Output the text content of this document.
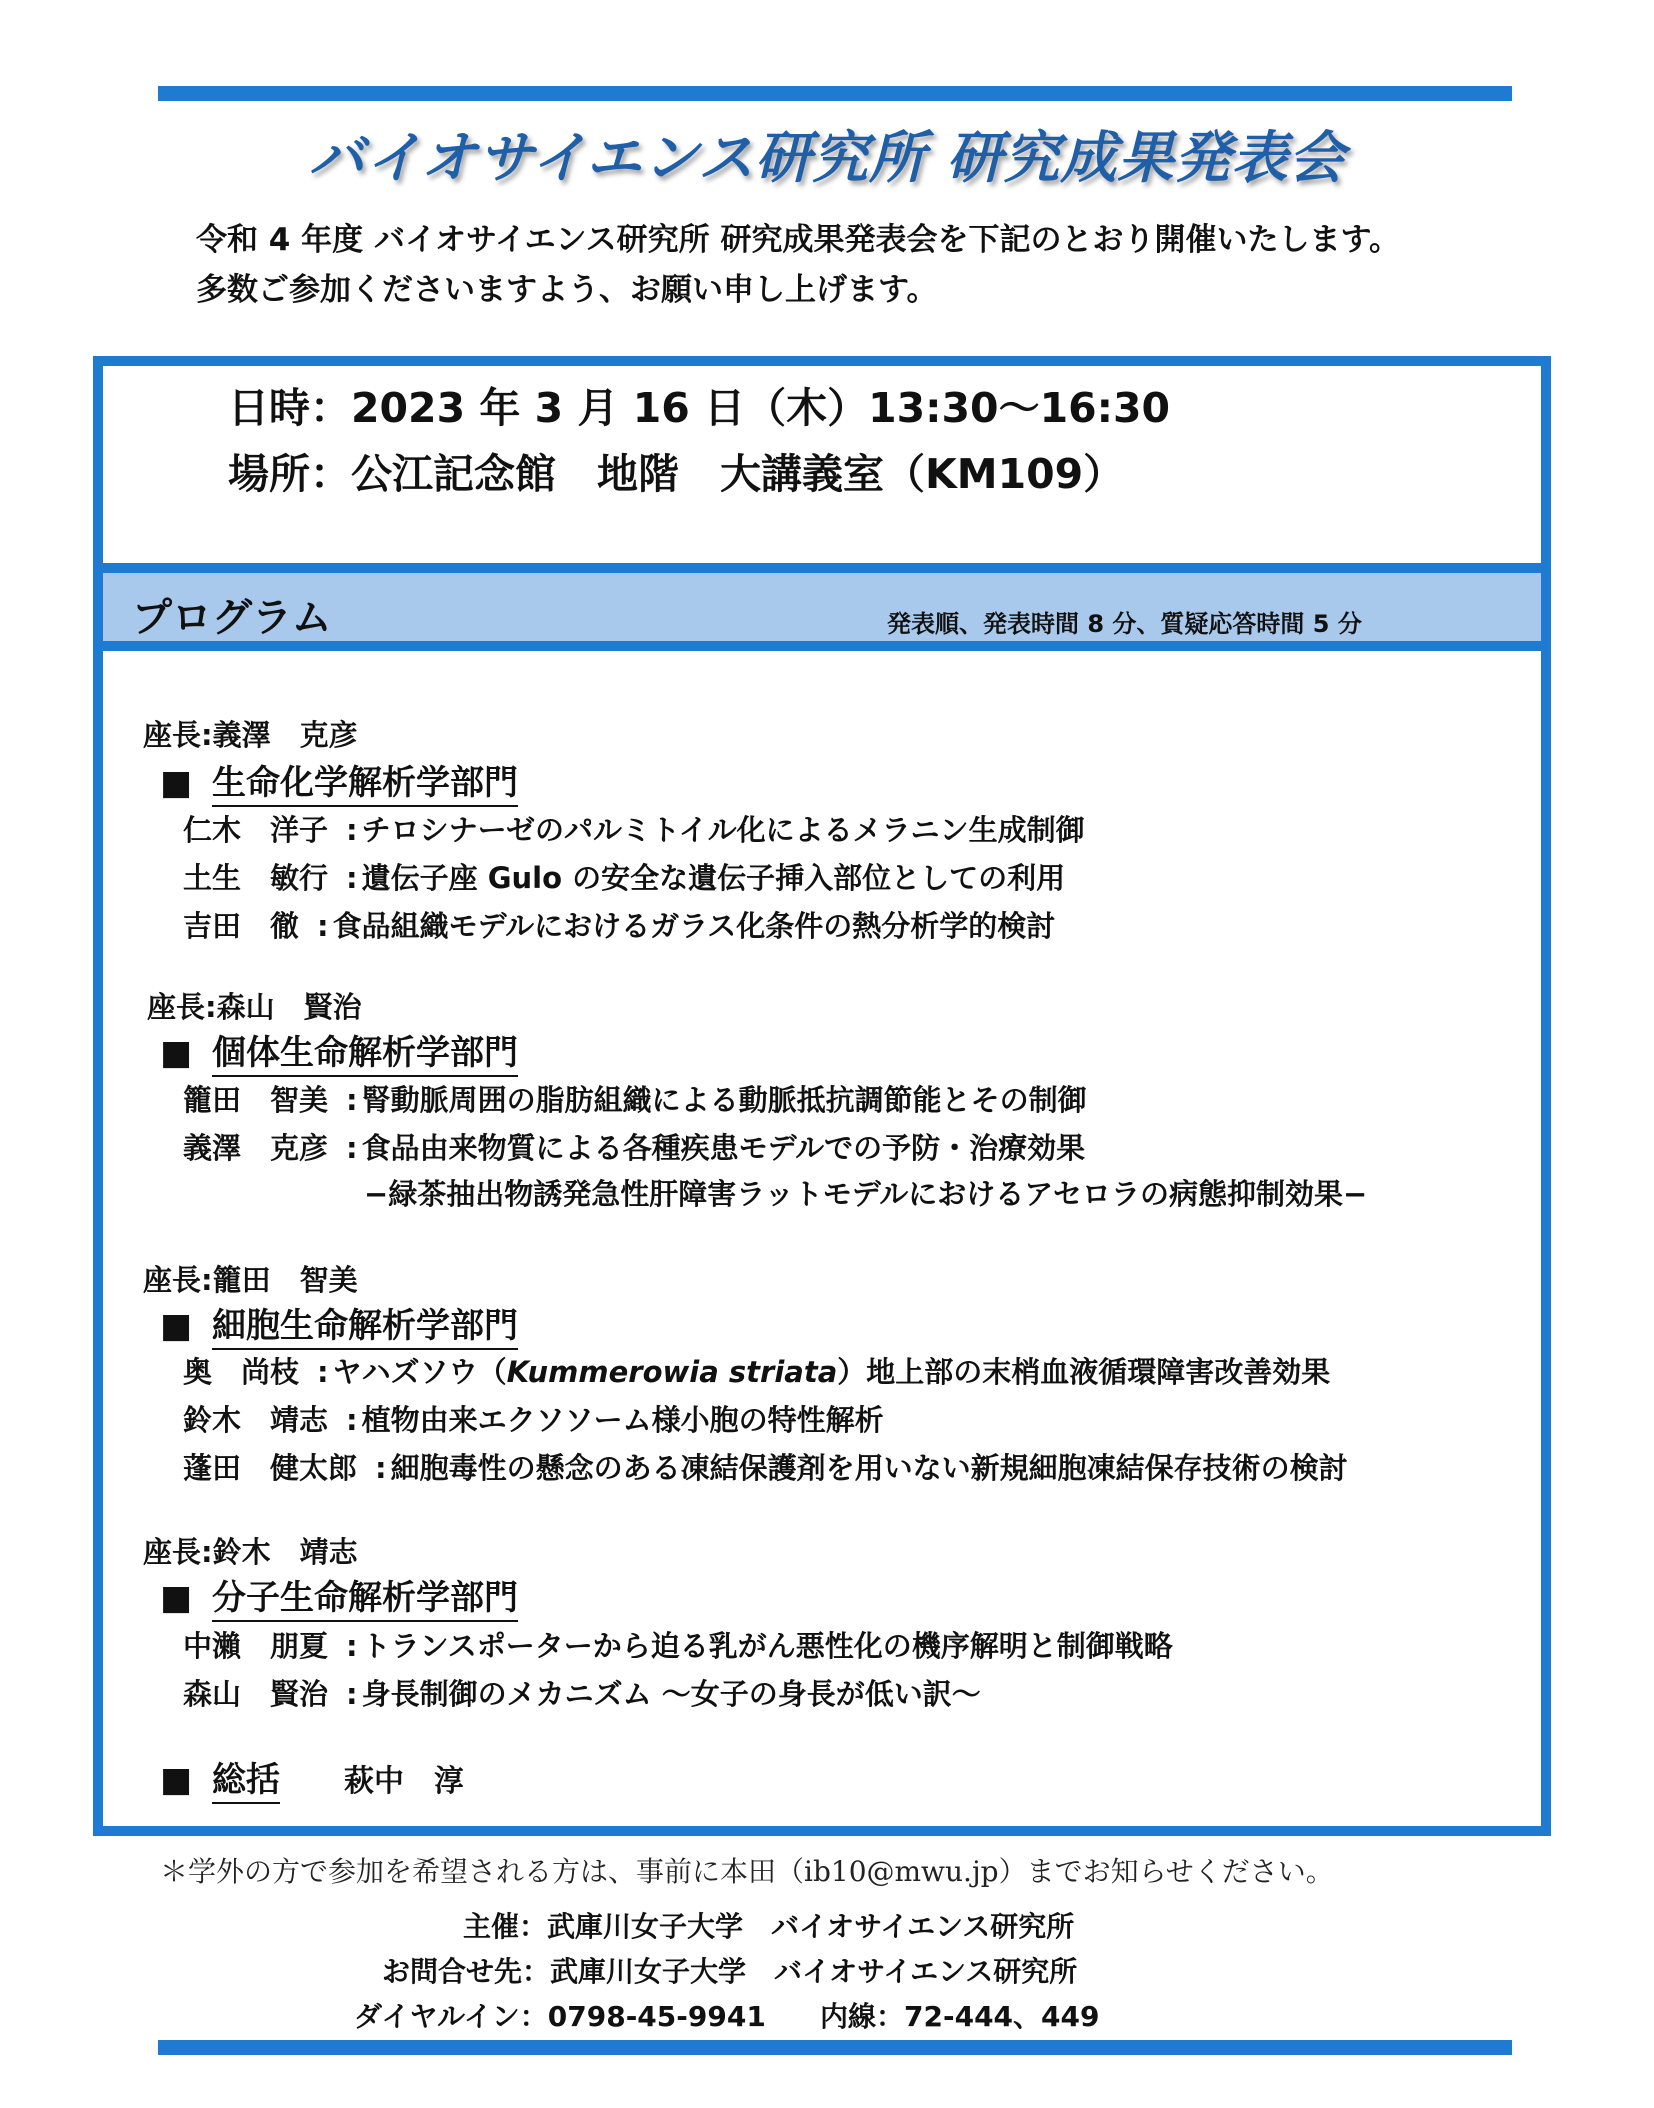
バイオサイエンス研究所 研究成果発表会
令和 4 年度 バイオサイエンス研究所 研究成果発表会を下記のとおり開催いたします。
多数ご参加くださいますよう、お願い申し上げます。
日時：2023 年 3 月 16 日（木）13:30～16:30
場所：公江記念館　地階　大講義室（KM109）
プログラム	発表順、発表時間 8 分、質疑応答時間 5 分
座長:義澤　克彦
■ 生命化学解析学部門
仁木　洋子 : チロシナーゼのパルミトイル化によるメラニン生成制御
土生　敏行 : 遺伝子座 Gulo の安全な遺伝子挿入部位としての利用
吉田　徹 : 食品組織モデルにおけるガラス化条件の熱分析学的検討
座長:森山　賢治
■ 個体生命解析学部門
籠田　智美 : 腎動脈周囲の脂肪組織による動脈抵抗調節能とその制御
義澤　克彦 : 食品由来物質による各種疾患モデルでの予防・治療効果
−緑茶抽出物誘発急性肝障害ラットモデルにおけるアセロラの病態抑制効果−
座長:籠田　智美
■ 細胞生命解析学部門
奥　尚枝 : ヤハズソウ（Kummerowia striata）地上部の末梢血液循環障害改善効果
鈴木　靖志 : 植物由来エクソソーム様小胞の特性解析
蓬田　健太郎 : 細胞毒性の懸念のある凍結保護剤を用いない新規細胞凍結保存技術の検討
座長:鈴木　靖志
■ 分子生命解析学部門
中瀨　朋夏 : トランスポーターから迫る乳がん悪性化の機序解明と制御戦略
森山　賢治 : 身長制御のメカニズム ～女子の身長が低い訳～
■ 総括 萩中　淳
＊学外の方で参加を希望される方は、事前に本田（ib10@mwu.jp）までお知らせください。
主催：武庫川女子大学　バイオサイエンス研究所
お問合せ先：武庫川女子大学　バイオサイエンス研究所
ダイヤルイン：0798-45-9941 内線：72-444、449
